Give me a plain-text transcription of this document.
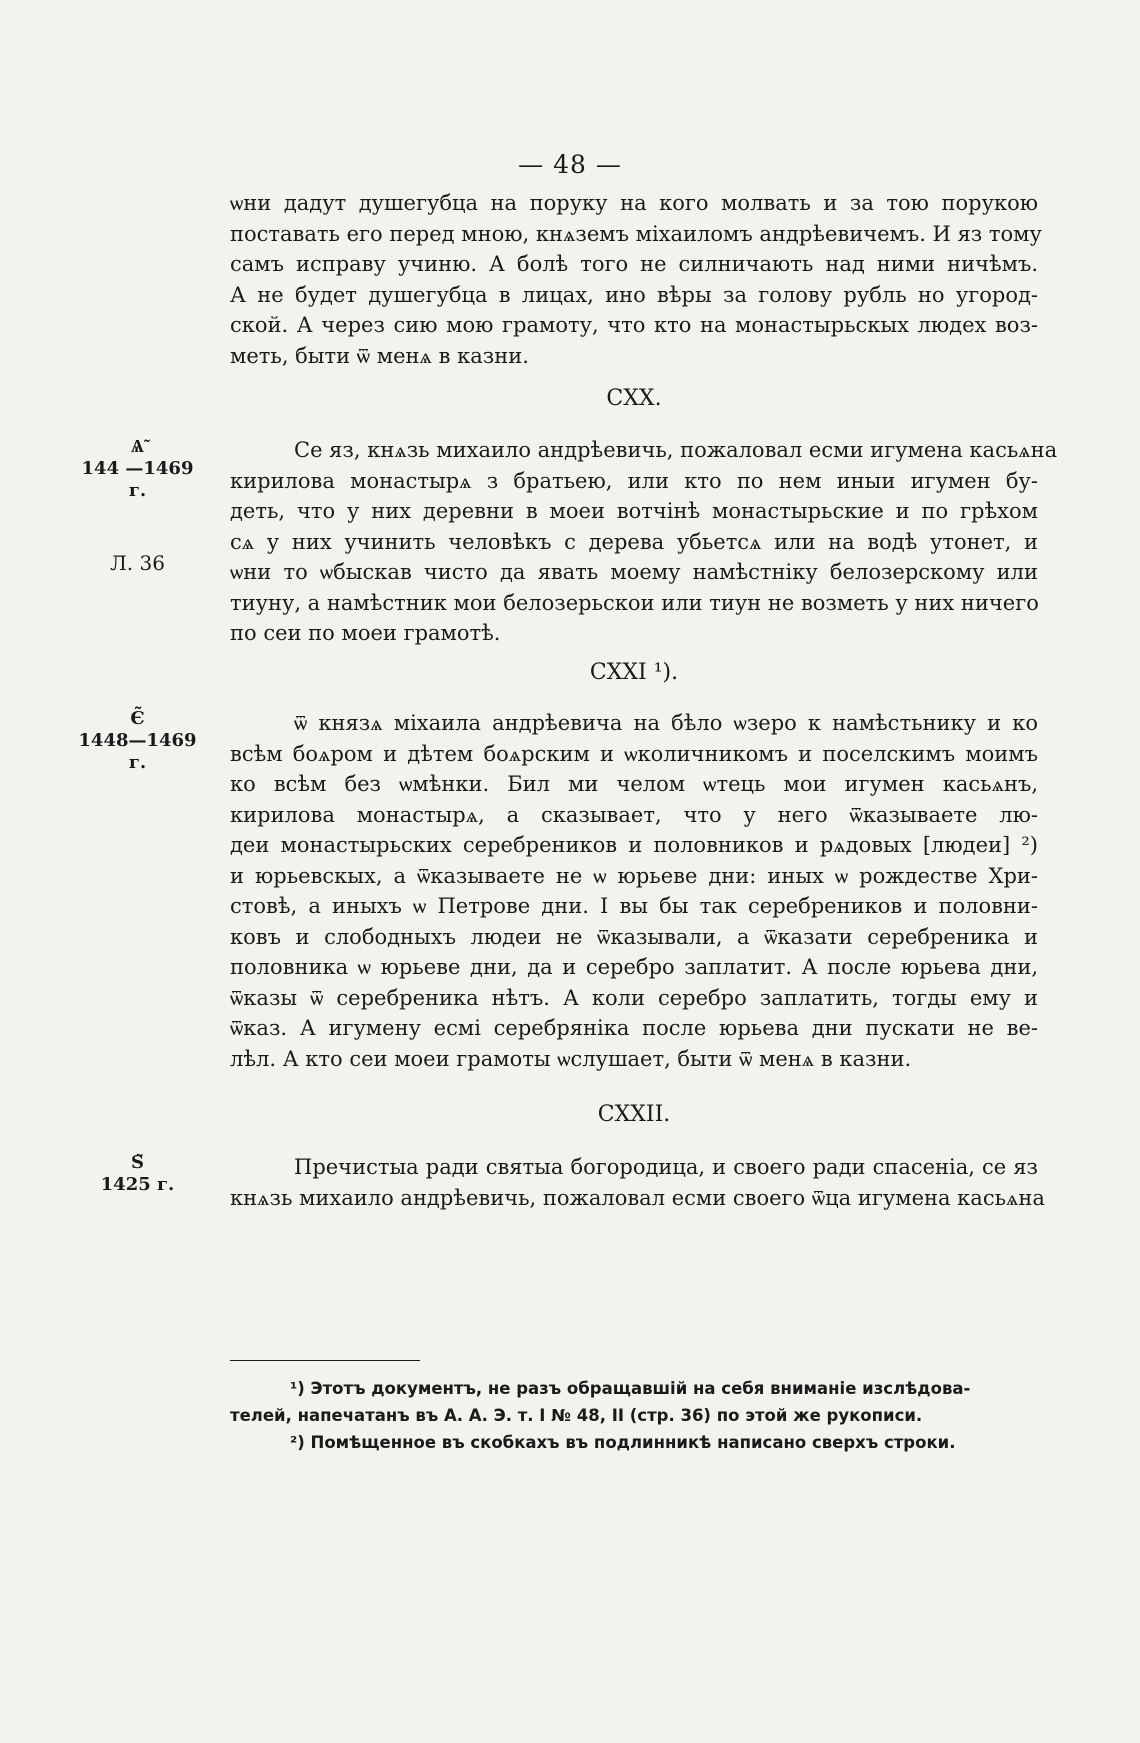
— 48 —
ѡни дадут душегубца на поруку на кого молвать и за тою порукою
поставать его перед мною, кнѧземъ міхаиломъ андрѣевичемъ. И яз тому
самъ исправу учиню. А болѣ того не силничають над ними ничѣмъ.
А не будет душегубца в лицах, ино вѣры за голову рубль но угород-
ской. А через сию мою грамоту, что кто на монастырьскых людех воз-
меть, быти ѿ менѧ в казни.
CXX.
Ѧ̃
144 —1469 г.
Л. 36
Се яз, кнѧзь михаило андрѣевичь, пожаловал есми игумена касьѧна
кирилова монастырѧ з братьею, или кто по нем иныи игумен бу-
деть, что у них деревни в моеи вотчінѣ монастырьские и по грѣхом
сѧ у них учинить человѣкъ с дерева убьетсѧ или на водѣ утонет, и
ѡни то ѡбыскав чисто да явать моему намѣстніку белозерскому или
тиуну, а намѣстник мои белозерьскои или тиун не возметь у них ничего
по сеи по моеи грамотѣ.
CXXI ¹).
Є̃
1448—1469 г.
ѿ князѧ міхаила андрѣевича на бѣло ѡзеро к намѣстьнику и ко
всѣм боѧром и дѣтем боѧрским и ѡколичникомъ и поселскимъ моимъ
ко всѣм без ѡмѣнки. Бил ми челом ѡтець мои игумен касьѧнъ,
кирилова монастырѧ, а сказывает, что у него ѿказываете лю-
деи монастырьских серебреников и половников и рѧдовых [людеи] ²)
и юрьевскых, а ѿказываете не ѡ юрьеве дни: иных ѡ рождестве Хри-
стовѣ, а иныхъ ѡ Петрове дни. І вы бы так серебреников и половни-
ковъ и слободныхъ людеи не ѿказывали, а ѿказати серебреника и
половника ѡ юрьеве дни, да и серебро заплатит. А после юрьева дни,
ѿказы ѿ серебреника нѣтъ. А коли серебро заплатить, тогды ему и
ѿказ. А игумену есмі серебряніка после юрьева дни пускати не ве-
лѣл. А кто сеи моеи грамоты ѡслушает, быти ѿ менѧ в казни.
CXXII.
Ѕ̃
1425 г.
Пречистыа ради святыа богородица, и своего ради спасеніа, се яз
кнѧзь михаило андрѣевичь, пожаловал есми своего ѿца игумена касьѧна
¹) Этотъ документъ, не разъ обращавшій на себя вниманіе изслѣдова-
телей, напечатанъ въ А. А. Э. т. I № 48, II (стр. 36) по этой же рукописи.
²) Помѣщенное въ скобкахъ въ подлинникѣ написано сверхъ строки.
